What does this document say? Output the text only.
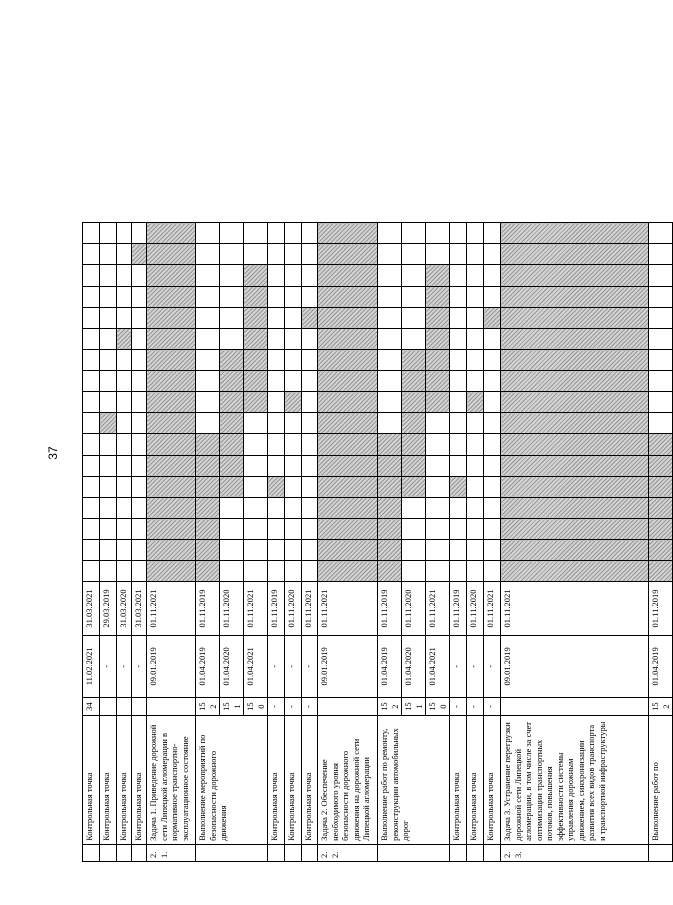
37
	Контрольная точка	34	11.02.2021	31.03.2021																	
	Контрольная точка		-	29.03.2019																	
	Контрольная точка		-	31.03.2020																	
	Контрольная точка		-	31.03.2021																	
2.1.	Задача 1. Приведение дорожной сети Липецкой агломерации в нормативное транспортно-эксплуатационное состояние		09.01.2019	01.11.2021																	
	Выполнение мероприятий по безопасности дорожного движения	152	01.04.2019	01.11.2019																	
		151	01.04.2020	01.11.2020																	
		150	01.04.2021	01.11.2021																	
	Контрольная точка	-	-	01.11.2019																	
	Контрольная точка	-	-	01.11.2020																	
	Контрольная точка	-	-	01.11.2021																	
2.2.	Задача 2. Обеспечение необходимого уровня безопасности дорожного движения на дорожной сети Липецкой агломерации		09.01.2019	01.11.2021																	
	Выполнение работ по ремонту, реконструкции автомобильных дорог	152	01.04.2019	01.11.2019																	
		151	01.04.2020	01.11.2020																	
		150	01.04.2021	01.11.2021																	
	Контрольная точка	-	-	01.11.2019																	
	Контрольная точка	-	-	01.11.2020																	
	Контрольная точка	-	-	01.11.2021																	
2.3.	Задача 3. Устранение перегрузки дорожной сети Липецкой агломерации, в том числе за счет оптимизации транспортных потоков, повышения эффективности системы управления дорожным движением, синхронизации развития всех видов транспорта и транспортной инфраструктуры		09.01.2019	01.11.2021																	
	Выполнение работ по	152	01.04.2019	01.11.2019																	
